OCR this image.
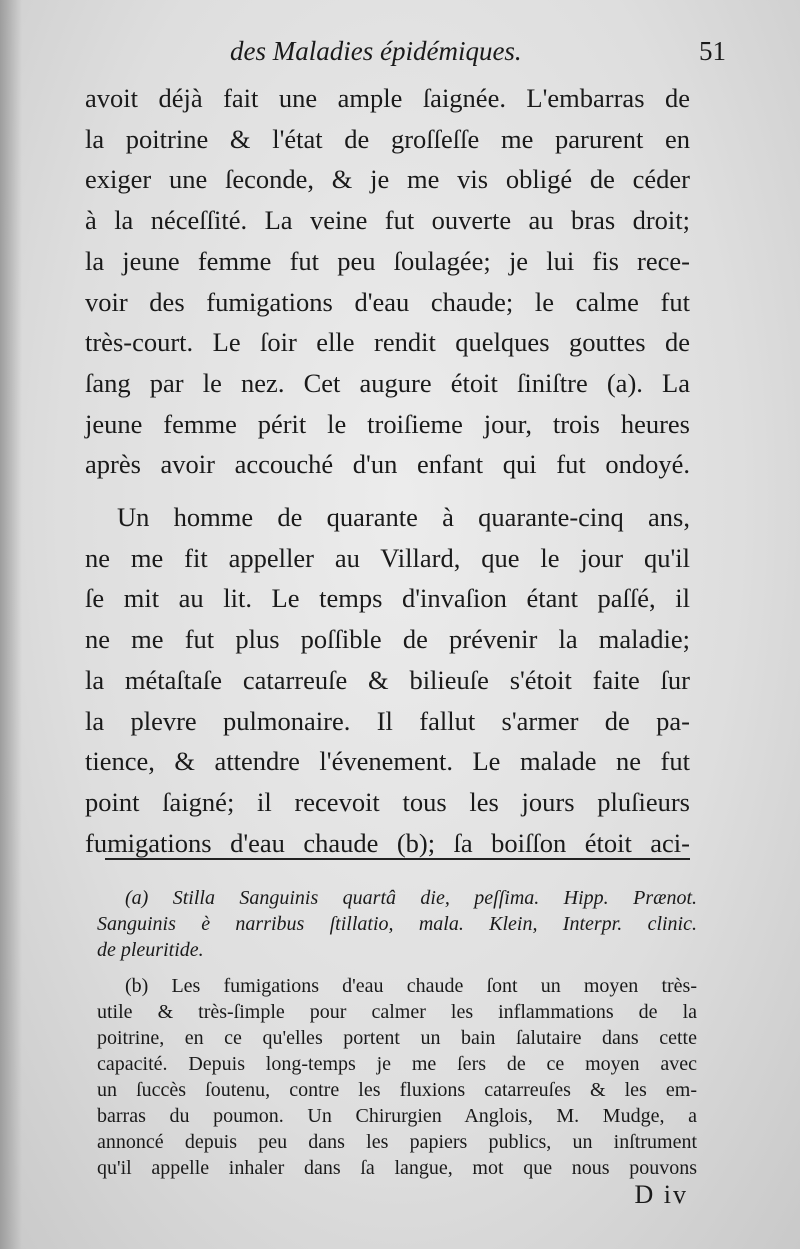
des Maladies épidémiques.	51
avoit déjà fait une ample ſaignée. L'embarras de
la poitrine & l'état de groſſeſſe me parurent en
exiger une ſeconde, & je me vis obligé de céder
à la néceſſité. La veine fut ouverte au bras droit;
la jeune femme fut peu ſoulagée; je lui fis rece-
voir des fumigations d'eau chaude; le calme fut
très-court. Le ſoir elle rendit quelques gouttes de
ſang par le nez. Cet augure étoit ſiniſtre (a). La
jeune femme périt le troiſieme jour, trois heures
après avoir accouché d'un enfant qui fut ondoyé.
Un homme de quarante à quarante-cinq ans,
ne me fit appeller au Villard, que le jour qu'il
ſe mit au lit. Le temps d'invaſion étant paſſé, il
ne me fut plus poſſible de prévenir la maladie;
la métaſtaſe catarreuſe & bilieuſe s'étoit faite ſur
la plevre pulmonaire. Il fallut s'armer de pa-
tience, & attendre l'évenement. Le malade ne fut
point ſaigné; il recevoit tous les jours pluſieurs
fumigations d'eau chaude (b); ſa boiſſon étoit aci-
(a) Stilla Sanguinis quartâ die, peſſima. Hipp. Prænot.
Sanguinis è narribus ſtillatio, mala. Klein, Interpr. clinic.
de pleuritide.
(b) Les fumigations d'eau chaude ſont un moyen très-
utile & très-ſimple pour calmer les inflammations de la
poitrine, en ce qu'elles portent un bain ſalutaire dans cette
capacité. Depuis long-temps je me ſers de ce moyen avec
un ſuccès ſoutenu, contre les fluxions catarreuſes & les em-
barras du poumon. Un Chirurgien Anglois, M. Mudge, a
annoncé depuis peu dans les papiers publics, un inſtrument
qu'il appelle inhaler dans ſa langue, mot que nous pouvons
D iv
